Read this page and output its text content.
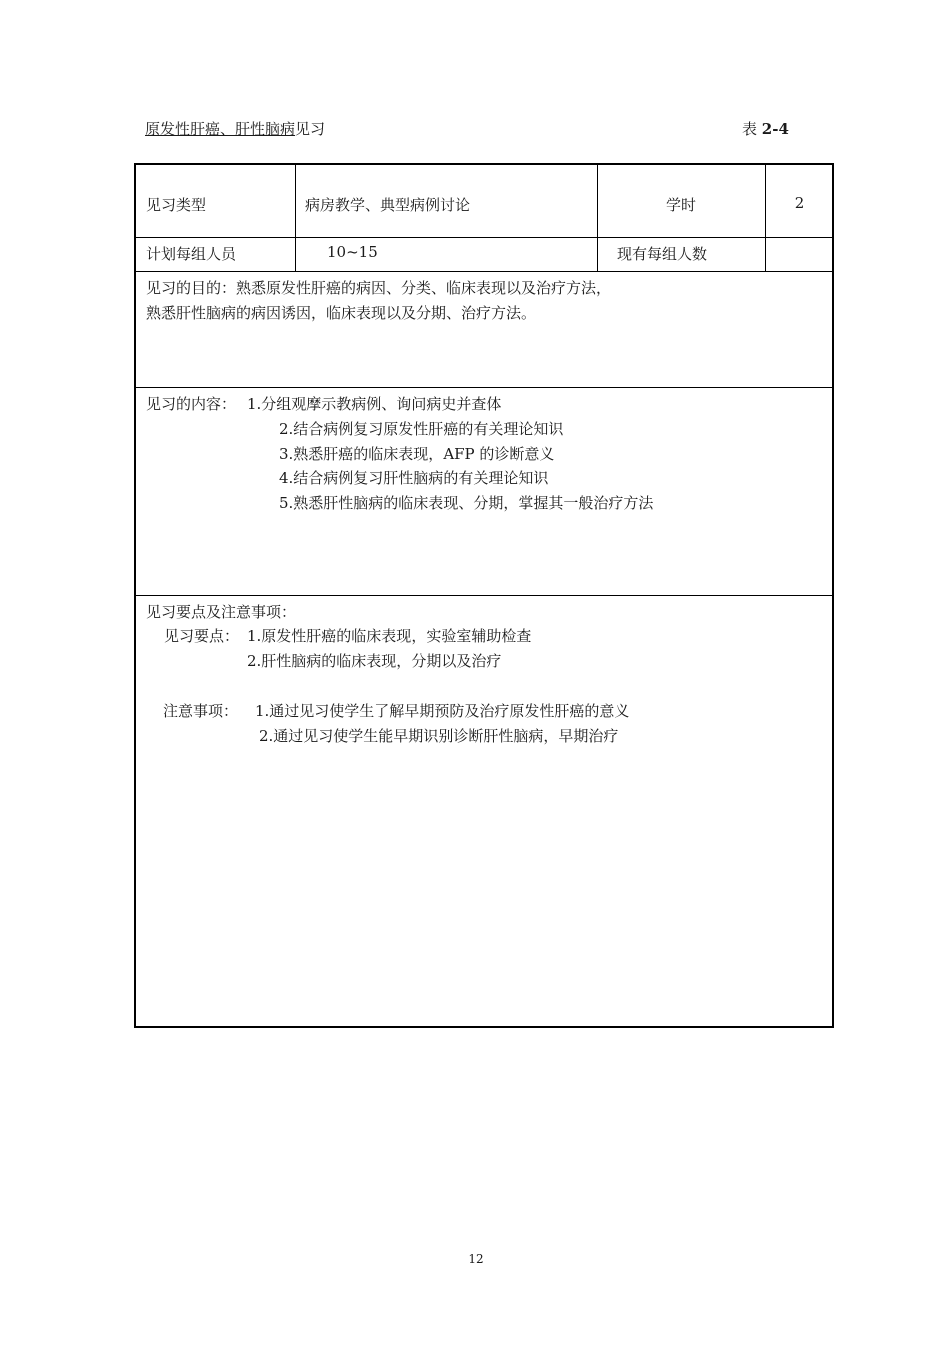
原发性肝癌、肝性脑病见习	表 2-4
见习类型	病房教学、典型病例讨论	学时	2
计划每组人员	10~15	现有每组人数
见习的目的：熟悉原发性肝癌的病因、分类、临床表现以及治疗方法，
熟悉肝性脑病的病因诱因，临床表现以及分期、治疗方法。
见习的内容： 1.分组观摩示教病例、询问病史并查体
2.结合病例复习原发性肝癌的有关理论知识
3.熟悉肝癌的临床表现，AFP 的诊断意义
4.结合病例复习肝性脑病的有关理论知识
5.熟悉肝性脑病的临床表现、分期，掌握其一般治疗方法
见习要点及注意事项：
见习要点： 1.原发性肝癌的临床表现，实验室辅助检查
2.肝性脑病的临床表现，分期以及治疗
注意事项： 1.通过见习使学生了解早期预防及治疗原发性肝癌的意义
2.通过见习使学生能早期识别诊断肝性脑病，早期治疗
12
